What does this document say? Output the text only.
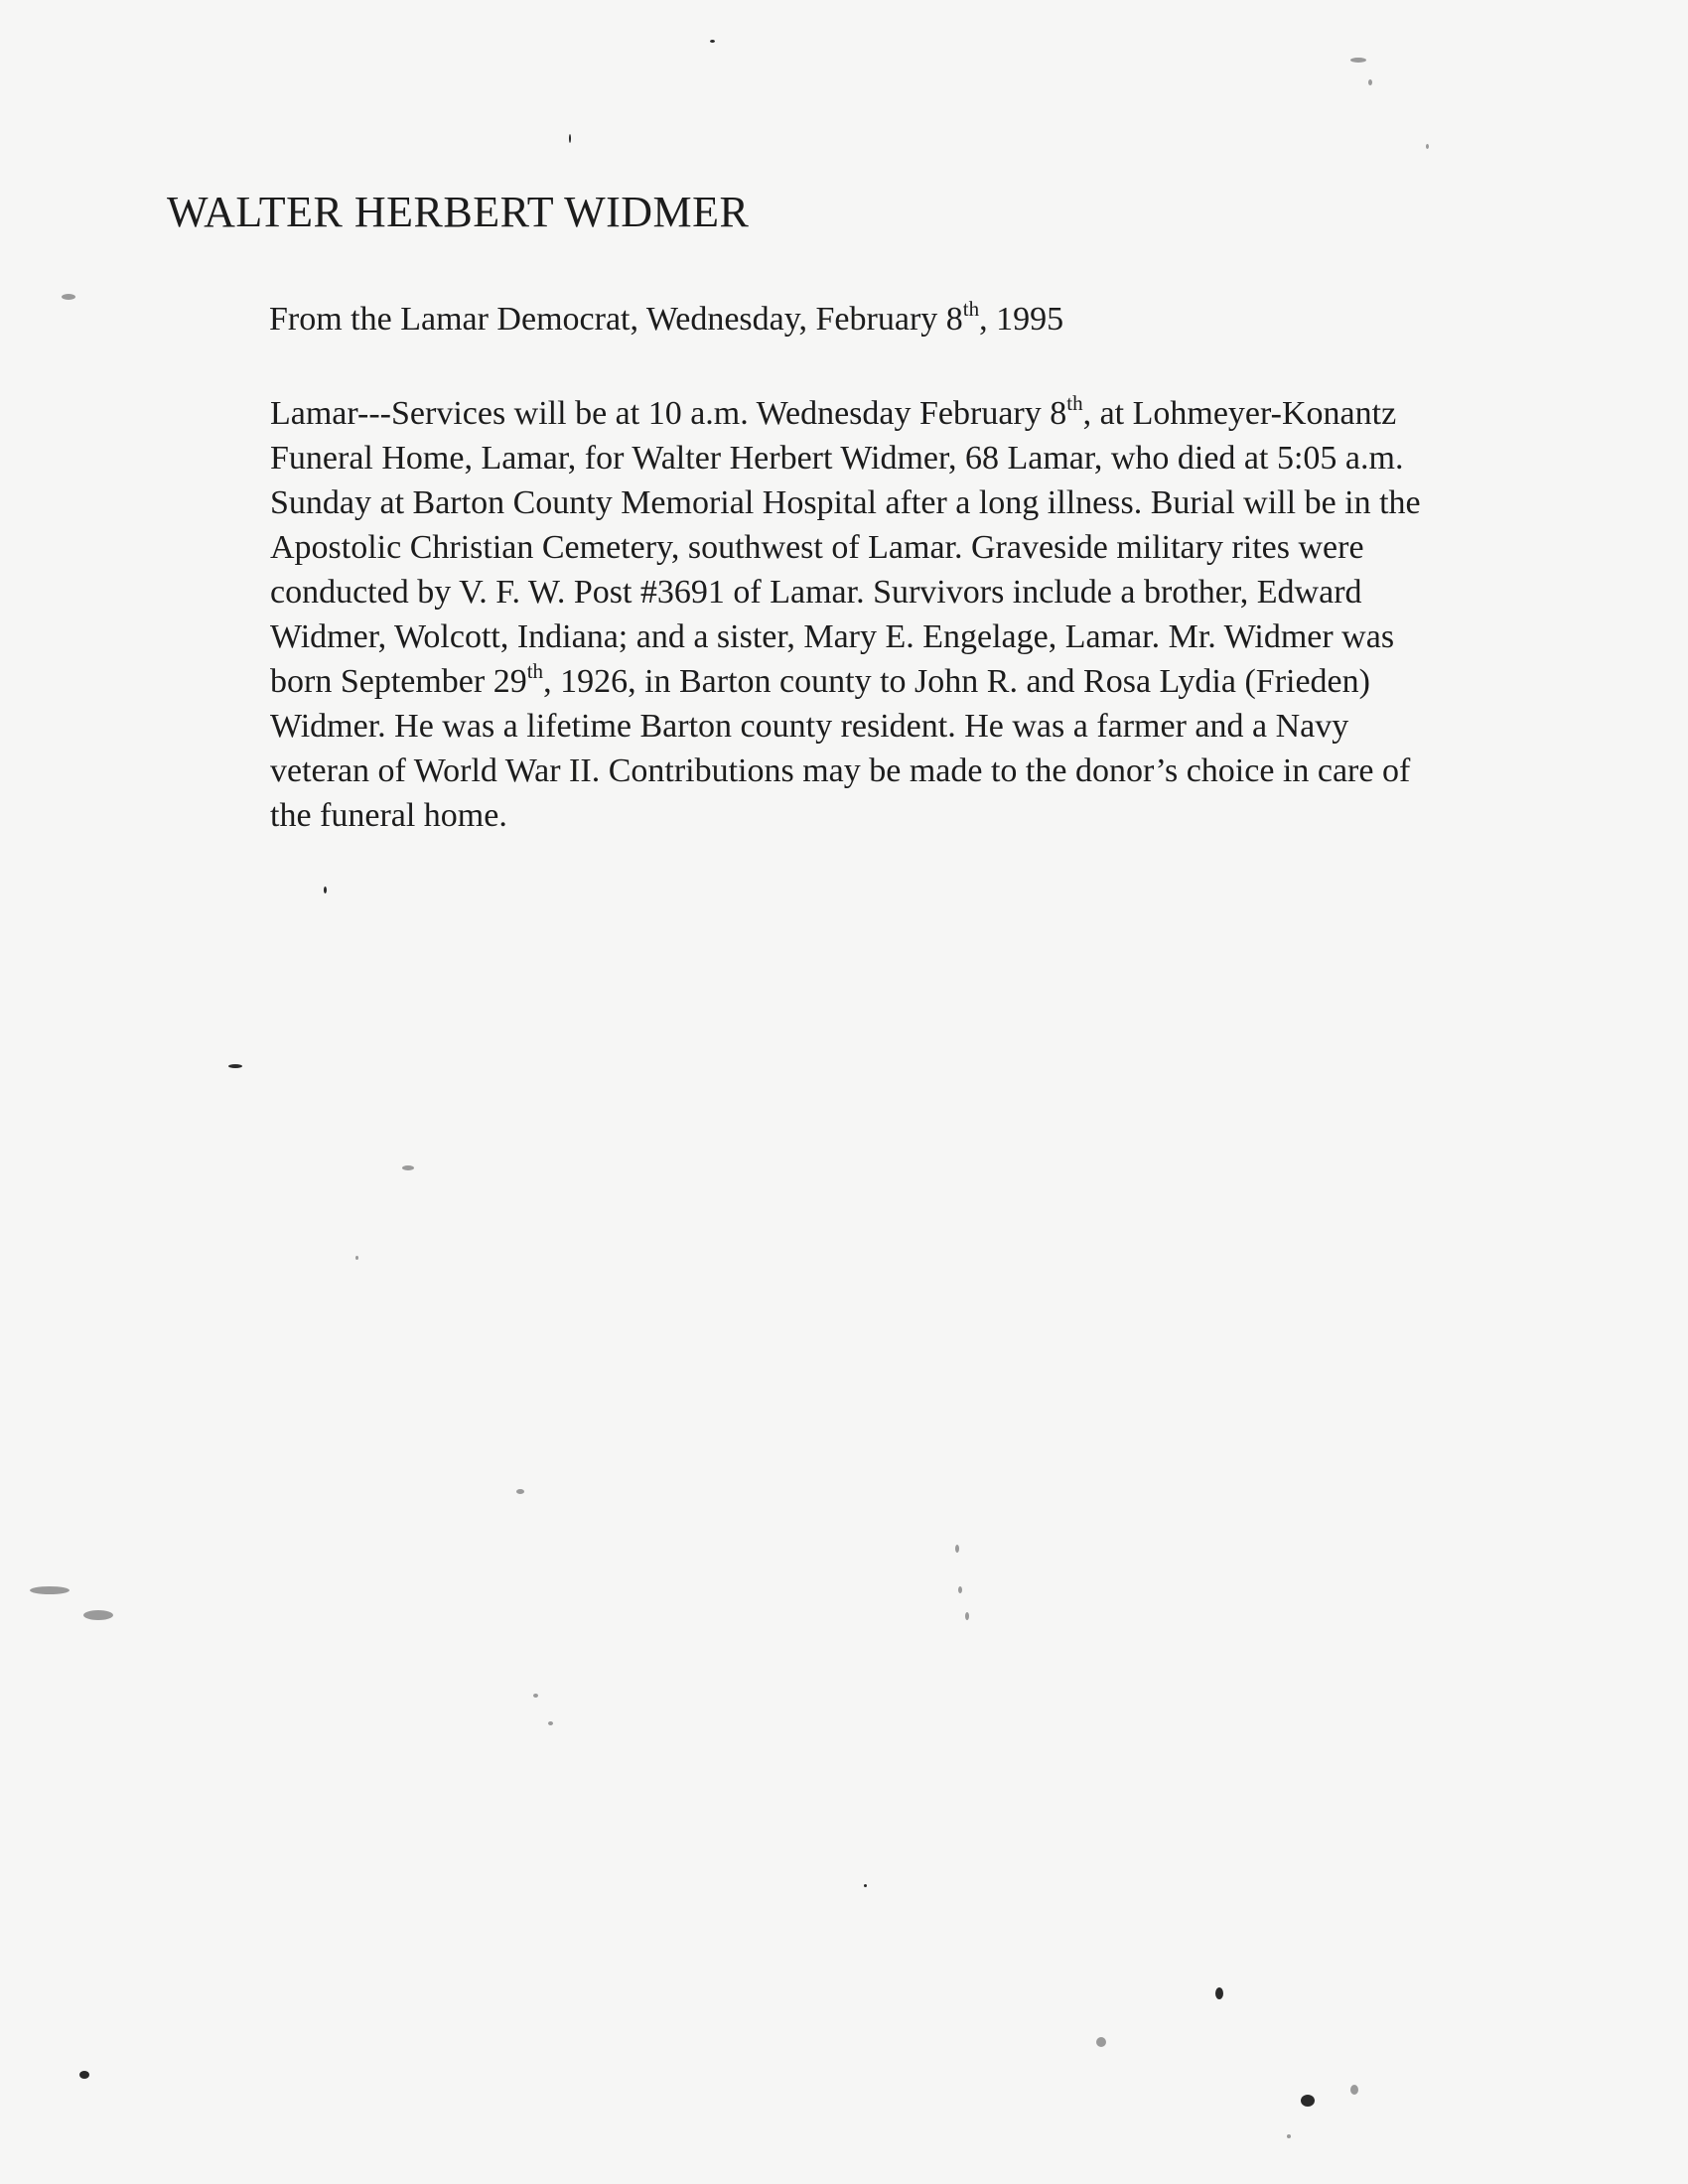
WALTER HERBERT WIDMER

From the Lamar Democrat, Wednesday, February 8th, 1995

Lamar---Services will be at 10 a.m. Wednesday February 8th, at Lohmeyer-Konantz
Funeral Home, Lamar, for Walter Herbert Widmer, 68 Lamar, who died at 5:05 a.m.
Sunday at Barton County Memorial Hospital after a long illness. Burial will be in the
Apostolic Christian Cemetery, southwest of Lamar. Graveside military rites were
conducted by V. F. W. Post #3691 of Lamar. Survivors include a brother, Edward
Widmer, Wolcott, Indiana; and a sister, Mary E. Engelage, Lamar. Mr. Widmer was
born September 29th, 1926, in Barton county to John R. and Rosa Lydia (Frieden)
Widmer. He was a lifetime Barton county resident. He was a farmer and a Navy
veteran of World War II. Contributions may be made to the donor’s choice in care of
the funeral home.
